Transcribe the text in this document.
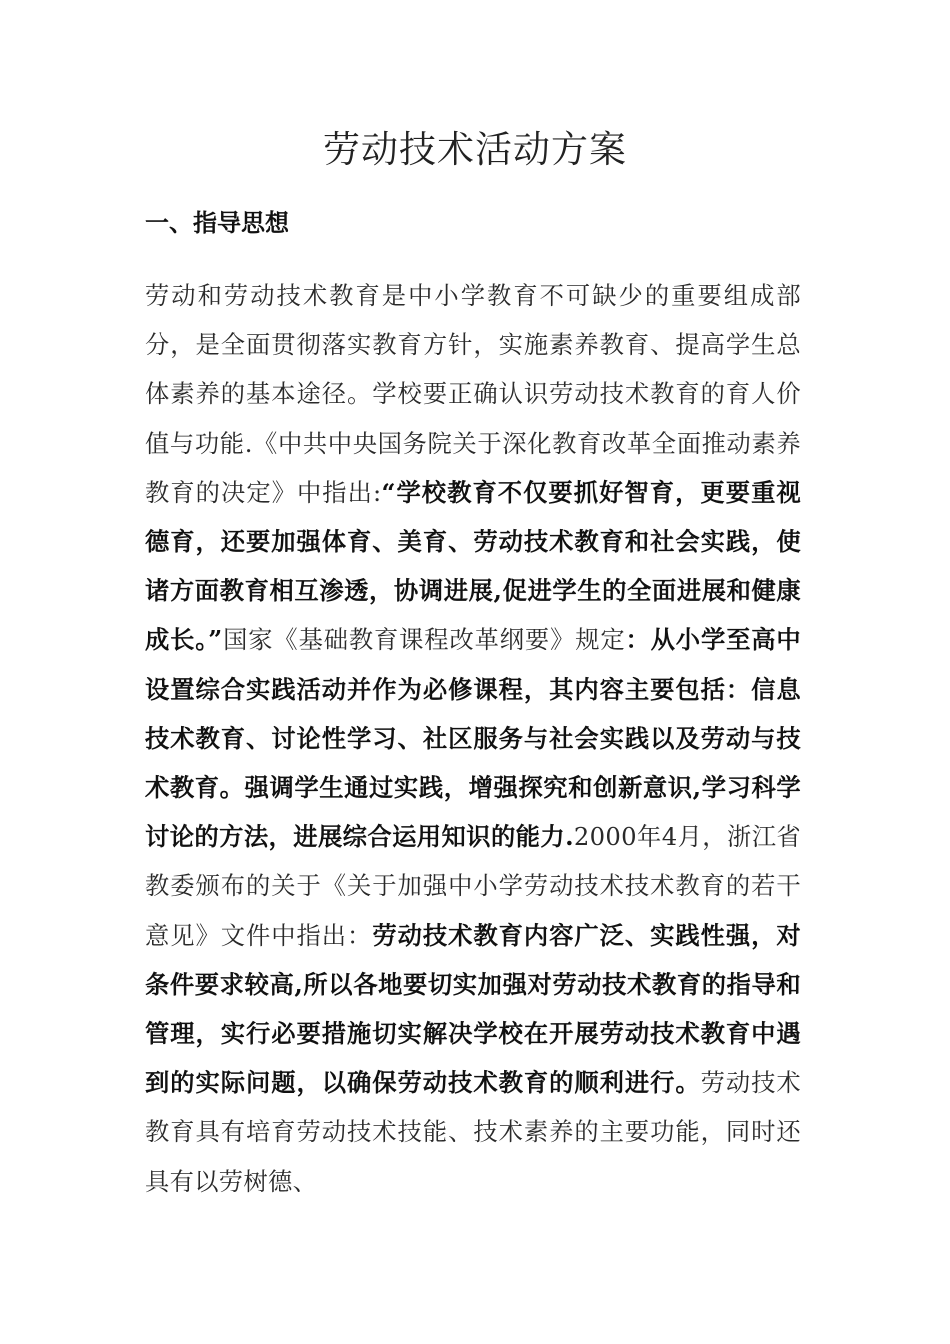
劳动技术活动方案
一、指导思想

劳动和劳动技术教育是中小学教育不可缺少的重要组成部分，是全面贯彻落实教育方针，实施素养教育、提高学生总体素养的基本途径。学校要正确认识劳动技术教育的育人价值与功能.《中共中央国务院关于深化教育改革全面推动素养教育的决定》中指出:“学校教育不仅要抓好智育，更要重视德育，还要加强体育、美育、劳动技术教育和社会实践，使诸方面教育相互渗透，协调进展,促进学生的全面进展和健康成长。”国家《基础教育课程改革纲要》规定：从小学至高中设置综合实践活动并作为必修课程，其内容主要包括：信息技术教育、讨论性学习、社区服务与社会实践以及劳动与技术教育。强调学生通过实践，增强探究和创新意识,学习科学讨论的方法，进展综合运用知识的能力.2000年4月，浙江省教委颁布的关于《关于加强中小学劳动技术技术教育的若干意见》文件中指出：劳动技术教育内容广泛、实践性强，对条件要求较高,所以各地要切实加强对劳动技术教育的指导和管理，实行必要措施切实解决学校在开展劳动技术教育中遇到的实际问题，以确保劳动技术教育的顺利进行。劳动技术教育具有培育劳动技术技能、技术素养的主要功能，同时还具有以劳树德、
